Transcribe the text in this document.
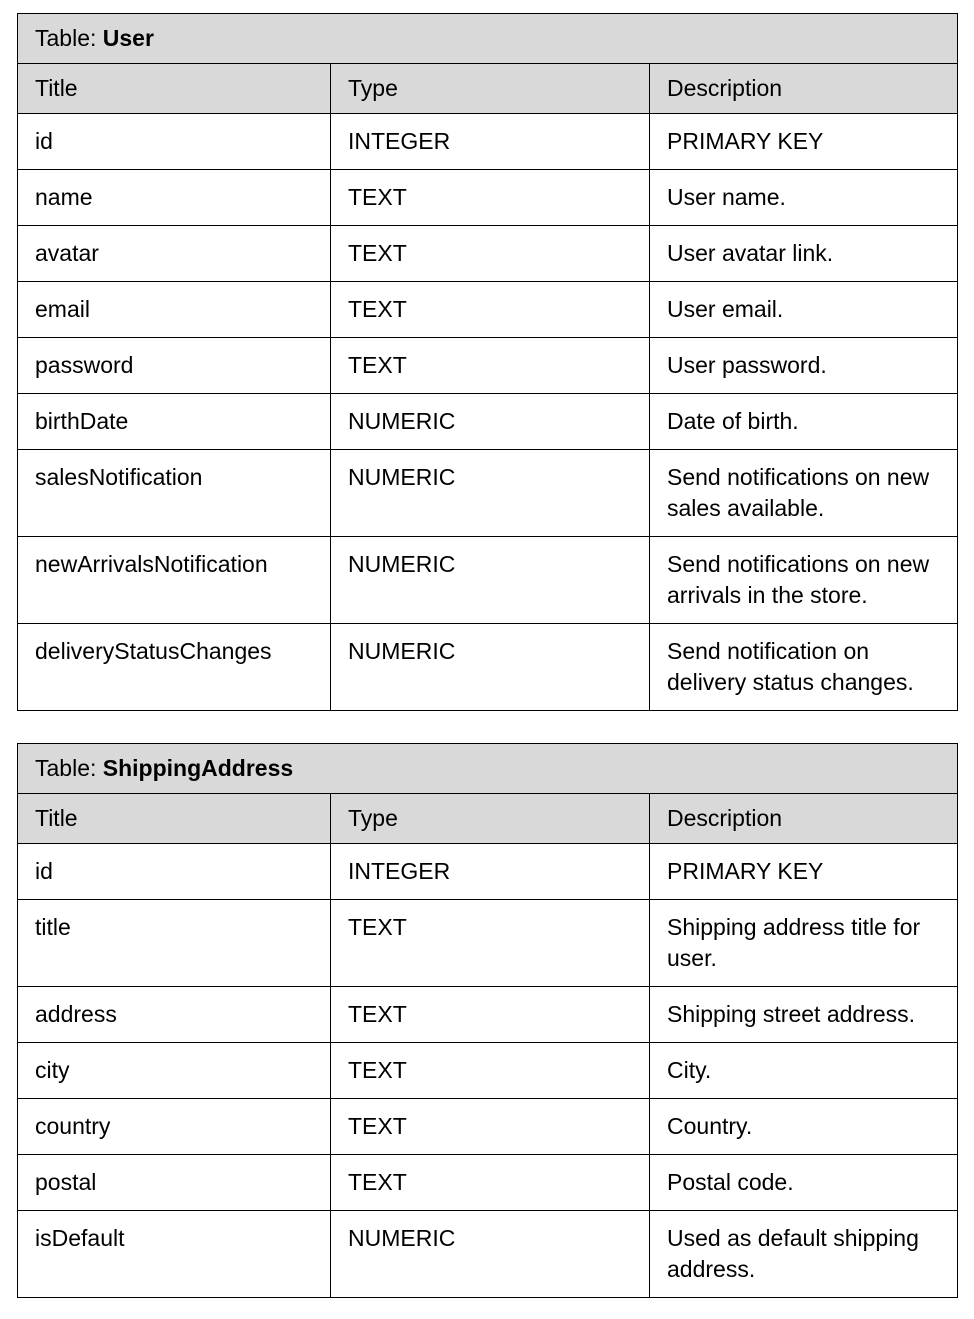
Table: User		
Title	Type	Description
id	INTEGER	PRIMARY KEY
name	TEXT	User name.
avatar	TEXT	User avatar link.
email	TEXT	User email.
password	TEXT	User password.
birthDate	NUMERIC	Date of birth.
salesNotification	NUMERIC	Send notifications on new sales available.
newArrivalsNotification	NUMERIC	Send notifications on new arrivals in the store.
deliveryStatusChanges	NUMERIC	Send notification on delivery status changes.
Table: ShippingAddress		
Title	Type	Description
id	INTEGER	PRIMARY KEY
title	TEXT	Shipping address title for user.
address	TEXT	Shipping street address.
city	TEXT	City.
country	TEXT	Country.
postal	TEXT	Postal code.
isDefault	NUMERIC	Used as default shipping address.
